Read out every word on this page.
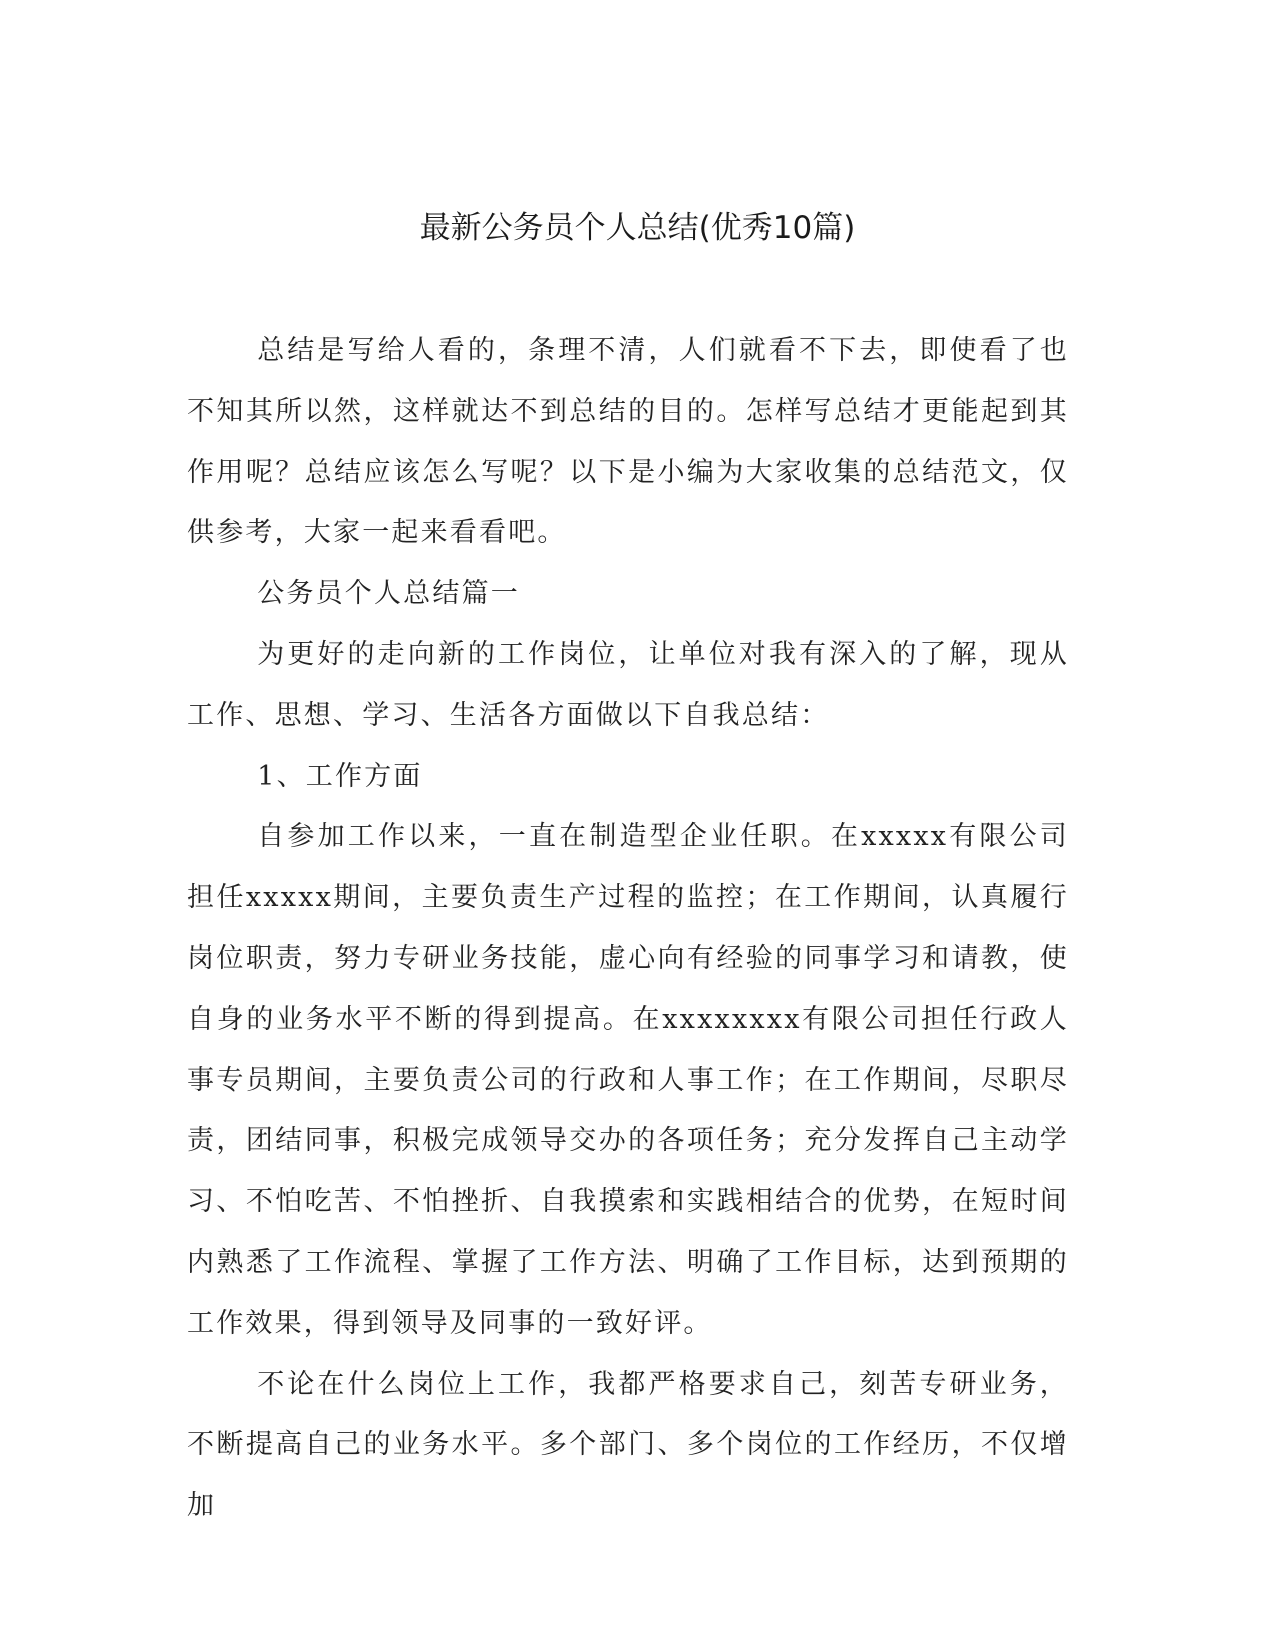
最新公务员个人总结(优秀10篇)

总结是写给人看的，条理不清，人们就看不下去，即使看了也不知其所以然，这样就达不到总结的目的。怎样写总结才更能起到其作用呢？总结应该怎么写呢？以下是小编为大家收集的总结范文，仅供参考，大家一起来看看吧。

公务员个人总结篇一

为更好的走向新的工作岗位，让单位对我有深入的了解，现从工作、思想、学习、生活各方面做以下自我总结：

1、工作方面

自参加工作以来，一直在制造型企业任职。在xxxxx有限公司担任xxxxx期间，主要负责生产过程的监控；在工作期间，认真履行岗位职责，努力专研业务技能，虚心向有经验的同事学习和请教，使自身的业务水平不断的得到提高。在xxxxxxxx有限公司担任行政人事专员期间，主要负责公司的行政和人事工作；在工作期间，尽职尽责，团结同事，积极完成领导交办的各项任务；充分发挥自己主动学习、不怕吃苦、不怕挫折、自我摸索和实践相结合的优势，在短时间内熟悉了工作流程、掌握了工作方法、明确了工作目标，达到预期的工作效果，得到领导及同事的一致好评。

不论在什么岗位上工作，我都严格要求自己，刻苦专研业务，不断提高自己的业务水平。多个部门、多个岗位的工作经历，不仅增加
